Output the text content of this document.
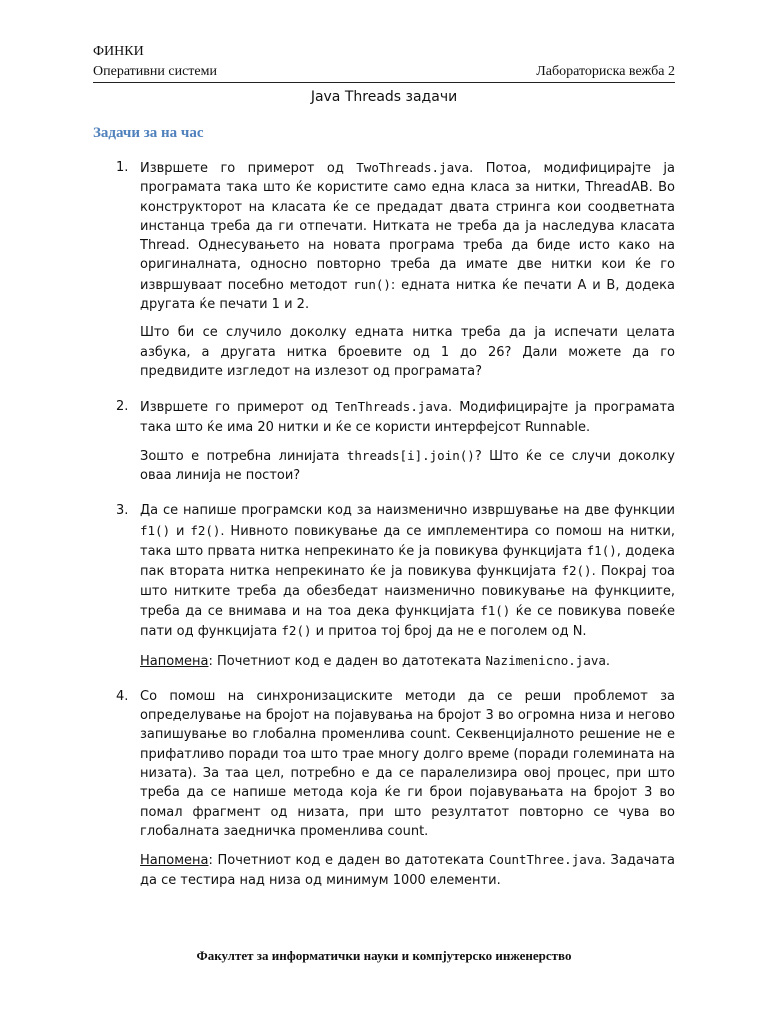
ФИНКИ
Оперативни системи	Лабораториска вежба 2
Java Threads задачи
Задачи за на час
1. Извршете го примерот од TwoThreads.java. Потоа, модифицирајте ја програмата така што ќе користите само една класа за нитки, ThreadAB. Во конструкторот на класата ќе се предадат двата стринга кои соодветната инстанца треба да ги отпечати. Нитката не треба да ја наследува класата Thread. Однесувањето на новата програма треба да биде исто како на оригиналната, односно повторно треба да имате две нитки кои ќе го извршуваат посебно методот run(): едната нитка ќе печати A и B, додека другата ќе печати 1 и 2.

Што би се случило доколку едната нитка треба да ја испечати целата азбука, а другата нитка броевите од 1 до 26? Дали можете да го предвидите изгледот на излезот од програмата?

2. Извршете го примерот од TenThreads.java. Модифицирајте ја програмата така што ќе има 20 нитки и ќе се користи интерфејсот Runnable.

Зошто е потребна линијата threads[i].join()? Што ќе се случи доколку оваа линија не постои?

3. Да се напише програмски код за наизменично извршување на две функции f1() и f2(). Нивното повикување да се имплементира со помош на нитки, така што првата нитка непрекинато ќе ја повикува функцијата f1(), додека пак втората нитка непрекинато ќе ја повикува функцијата f2(). Покрај тоа што нитките треба да обезбедат наизменично повикување на функциите, треба да се внимава и на тоа дека функцијата f1() ќе се повикува повеќе пати од функцијата f2() и притоа тој број да не е поголем од N.

Напомена: Почетниот код е даден во датотеката Nazimenicno.java.

4. Со помош на синхронизациските методи да се реши проблемот за определување на бројот на појавувања на бројот 3 во огромна низа и негово запишување во глобална променлива count. Секвенцијалното решение не е прифатливо поради тоа што трае многу долго време (поради големината на низата). За таа цел, потребно е да се паралелизира овој процес, при што треба да се напише метода која ќе ги брои појавувањата на бројот 3 во помал фрагмент од низата, при што резултатот повторно се чува во глобалната заедничка променлива count.

Напомена: Почетниот код е даден во датотеката CountThree.java. Задачата да се тестира над низа од минимум 1000 елементи.

Факултет за информатички науки и компјутерско инженерство
